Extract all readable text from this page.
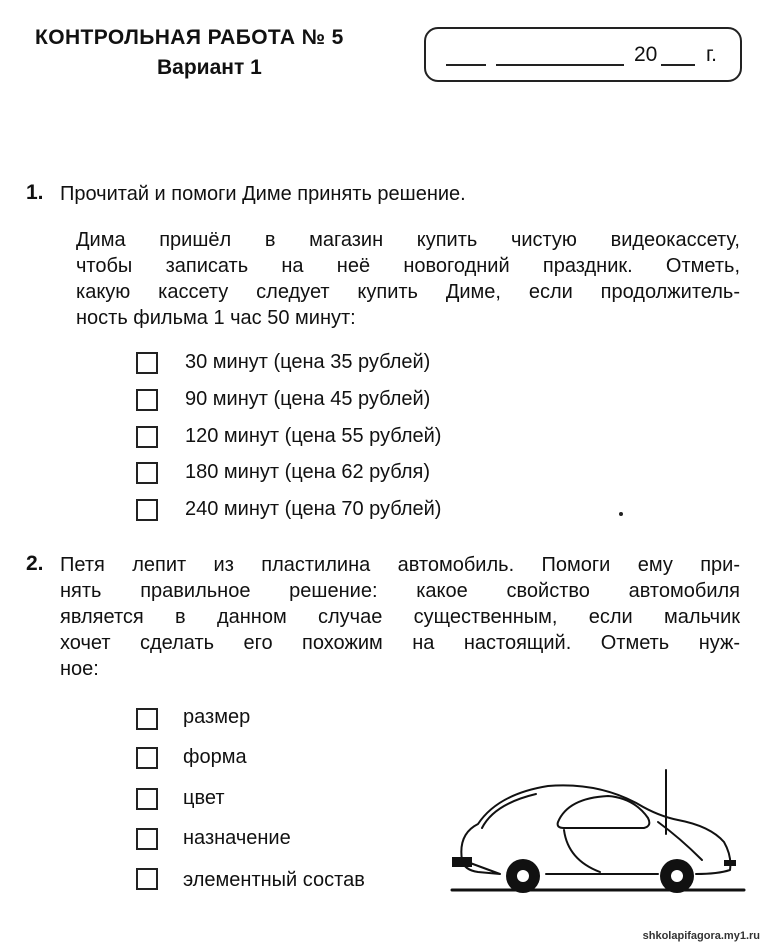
КОНТРОЛЬНАЯ РАБОТА № 5
Вариант 1
20 г.
1. Прочитай и помоги Диме принять решение.
Дима пришёл в магазин купить чистую видеокассету,
чтобы записать на неё новогодний праздник. Отметь,
какую кассету следует купить Диме, если продолжитель-
ность фильма 1 час 50 минут:
30 минут (цена 35 рублей)
90 минут (цена 45 рублей)
120 минут (цена 55 рублей)
180 минут (цена 62 рубля)
240 минут (цена 70 рублей)
2. Петя лепит из пластилина автомобиль. Помоги ему при-
нять правильное решение: какое свойство автомобиля
является в данном случае существенным, если мальчик
хочет сделать его похожим на настоящий. Отметь нуж-
ное:
размер
форма
цвет
назначение
элементный состав
shkolapifagora.my1.ru
